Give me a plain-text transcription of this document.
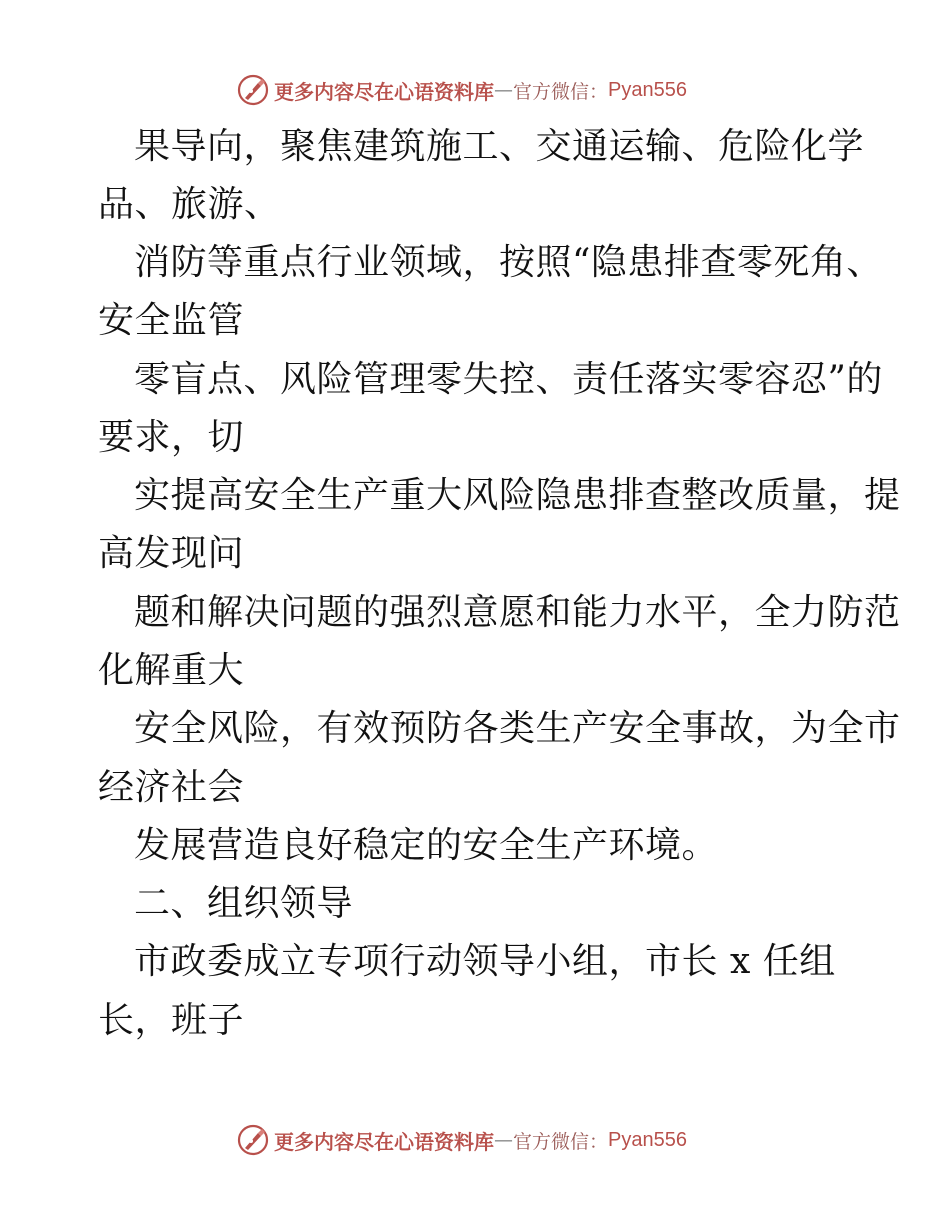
更多内容尽在心语资料库 — 官方微信： Pyan556
果导向，聚焦建筑施工、交通运输、危险化学
品、旅游、
消防等重点行业领域，按照“隐患排查零死角、
安全监管
零盲点、风险管理零失控、责任落实零容忍”的
要求，切
实提高安全生产重大风险隐患排查整改质量，提
高发现问
题和解决问题的强烈意愿和能力水平，全力防范
化解重大
安全风险，有效预防各类生产安全事故，为全市
经济社会
发展营造良好稳定的安全生产环境。
二、组织领导
市政委成立专项行动领导小组，市长 x 任组
长，班子
更多内容尽在心语资料库 — 官方微信： Pyan556
